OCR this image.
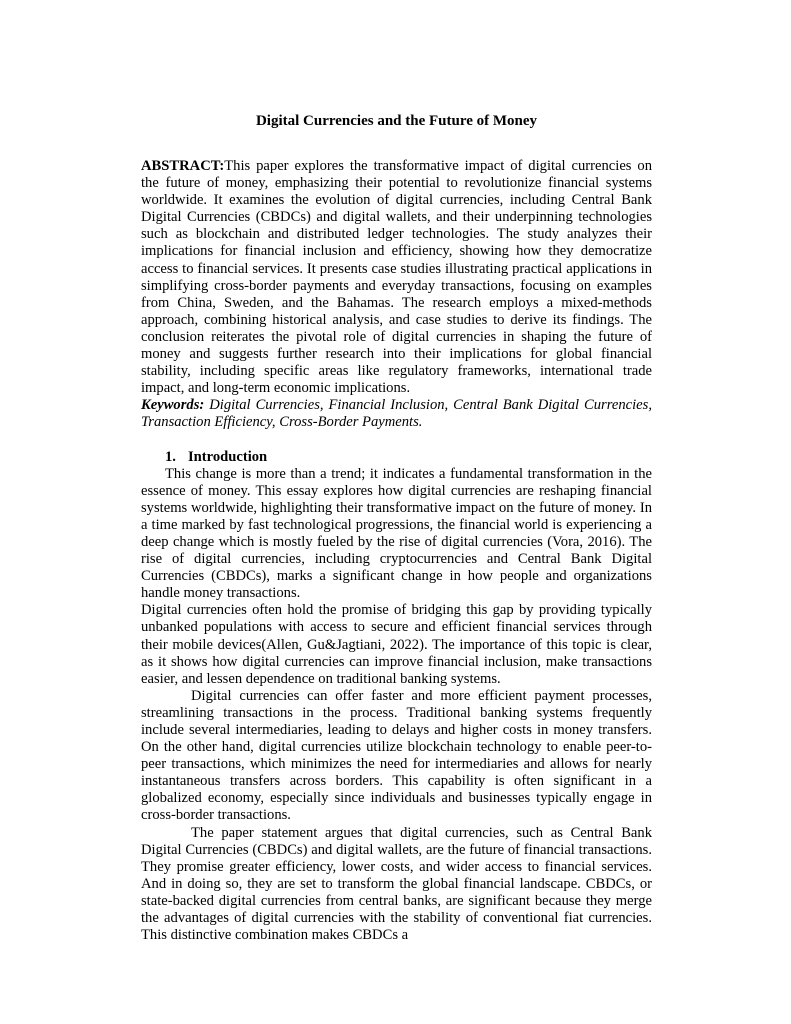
Digital Currencies and the Future of Money

ABSTRACT:This paper explores the transformative impact of digital currencies on the future of money, emphasizing their potential to revolutionize financial systems worldwide. It examines the evolution of digital currencies, including Central Bank Digital Currencies (CBDCs) and digital wallets, and their underpinning technologies such as blockchain and distributed ledger technologies. The study analyzes their implications for financial inclusion and efficiency, showing how they democratize access to financial services. It presents case studies illustrating practical applications in simplifying cross-border payments and everyday transactions, focusing on examples from China, Sweden, and the Bahamas. The research employs a mixed-methods approach, combining historical analysis, and case studies to derive its findings. The conclusion reiterates the pivotal role of digital currencies in shaping the future of money and suggests further research into their implications for global financial stability, including specific areas like regulatory frameworks, international trade impact, and long-term economic implications.

Keywords: Digital Currencies, Financial Inclusion, Central Bank Digital Currencies, Transaction Efficiency, Cross-Border Payments.

1. Introduction

This change is more than a trend; it indicates a fundamental transformation in the essence of money. This essay explores how digital currencies are reshaping financial systems worldwide, highlighting their transformative impact on the future of money. In a time marked by fast technological progressions, the financial world is experiencing a deep change which is mostly fueled by the rise of digital currencies (Vora, 2016). The rise of digital currencies, including cryptocurrencies and Central Bank Digital Currencies (CBDCs), marks a significant change in how people and organizations handle money transactions.

Digital currencies often hold the promise of bridging this gap by providing typically unbanked populations with access to secure and efficient financial services through their mobile devices(Allen, Gu&Jagtiani, 2022). The importance of this topic is clear, as it shows how digital currencies can improve financial inclusion, make transactions easier, and lessen dependence on traditional banking systems.

Digital currencies can offer faster and more efficient payment processes, streamlining transactions in the process. Traditional banking systems frequently include several intermediaries, leading to delays and higher costs in money transfers. On the other hand, digital currencies utilize blockchain technology to enable peer-to-peer transactions, which minimizes the need for intermediaries and allows for nearly instantaneous transfers across borders. This capability is often significant in a globalized economy, especially since individuals and businesses typically engage in cross-border transactions.

The paper statement argues that digital currencies, such as Central Bank Digital Currencies (CBDCs) and digital wallets, are the future of financial transactions. They promise greater efficiency, lower costs, and wider access to financial services. And in doing so, they are set to transform the global financial landscape. CBDCs, or state-backed digital currencies from central banks, are significant because they merge the advantages of digital currencies with the stability of conventional fiat currencies. This distinctive combination makes CBDCs a
